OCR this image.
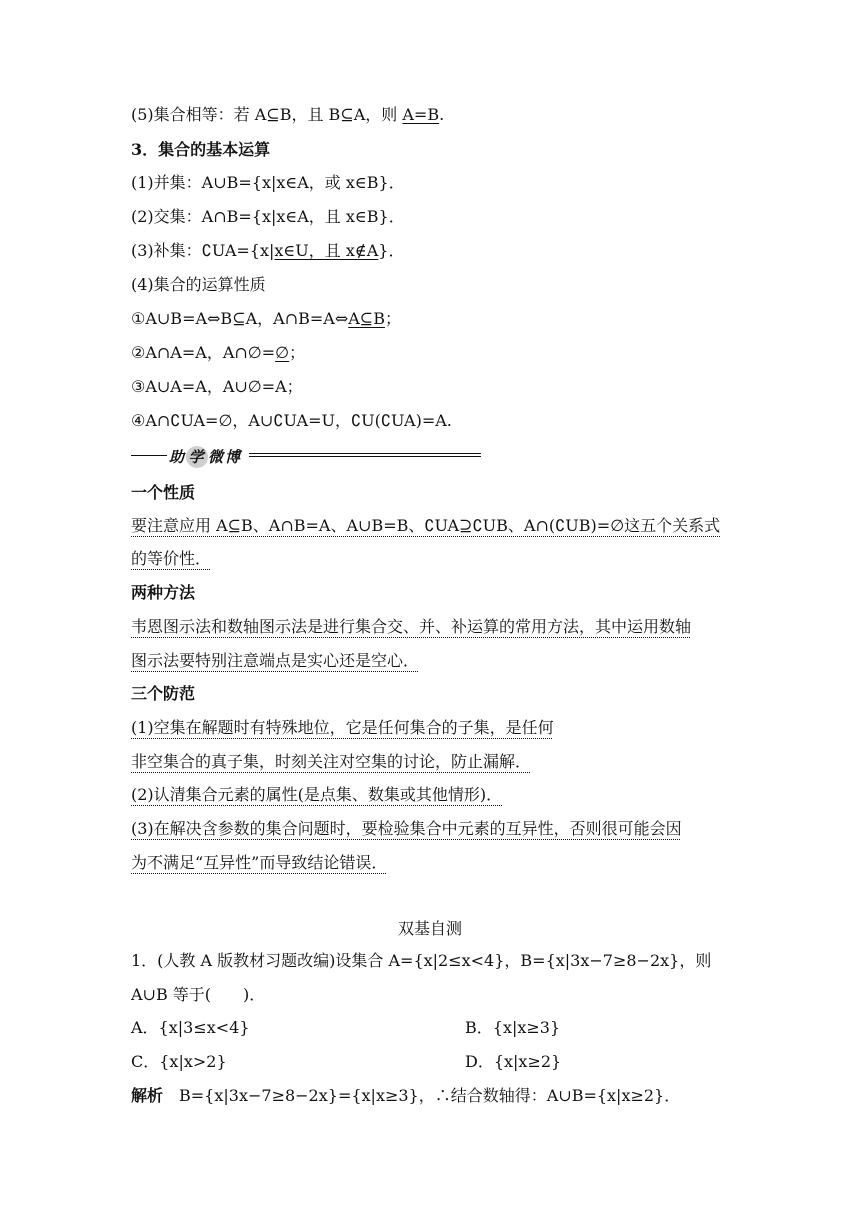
(5)集合相等：若 A⊆B，且 B⊆A，则 A=B.
3．集合的基本运算
(1)并集：A∪B={x|x∈A，或 x∈B}．
(2)交集：A∩B={x|x∈A，且 x∈B}．
(3)补集：∁UA={x|x∈U，且 x∉A}．
(4)集合的运算性质
①A∪B=A⇔B⊆A，A∩B=A⇔A⊆B；
②A∩A=A，A∩∅=∅；
③A∪A=A，A∪∅=A；
④A∩∁UA=∅，A∪∁UA=U，∁U(∁UA)=A.
助 学 微博
一个性质
要注意应用 A⊆B、A∩B=A、A∪B=B、∁UA⊇∁UB、A∩(∁UB)=∅这五个关系式
的等价性．
两种方法
韦恩图示法和数轴图示法是进行集合交、并、补运算的常用方法，其中运用数轴
图示法要特别注意端点是实心还是空心．
三个防范
(1)空集在解题时有特殊地位，它是任何集合的子集，是任何
非空集合的真子集，时刻关注对空集的讨论，防止漏解．
(2)认清集合元素的属性(是点集、数集或其他情形)．
(3)在解决含参数的集合问题时，要检验集合中元素的互异性，否则很可能会因
为不满足“互异性”而导致结论错误．
双基自测
1．(人教 A 版教材习题改编)设集合 A={x|2≤x<4}，B={x|3x−7≥8−2x}，则
A∪B 等于(　　)．
A．{x|3≤x<4}	B．{x|x≥3}
C．{x|x>2}	D．{x|x≥2}
解析　B={x|3x−7≥8−2x}={x|x≥3}，∴结合数轴得：A∪B={x|x≥2}．
